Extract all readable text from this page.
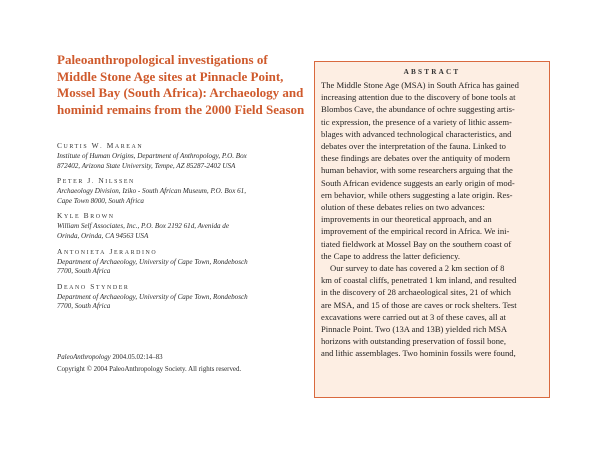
Paleoanthropological investigations of
Middle Stone Age sites at Pinnacle Point,
Mossel Bay (South Africa): Archaeology and
hominid remains from the 2000 Field Season
CURTIS W. MAREAN
Institute of Human Origins, Department of Anthropology, P.O. Box
872402, Arizona State University, Tempe, AZ 85287-2402 USA
PETER J. NILSSEN
Archaeology Division, Iziko - South African Museum, P.O. Box 61,
Cape Town 8000, South Africa
KYLE BROWN
William Self Associates, Inc., P.O. Box 2192 61d, Avenida de
Orinda, Orinda, CA 94563 USA
ANTONIETA JERARDINO
Department of Archaeology, University of Cape Town, Rondebosch
7700, South Africa
DEANO STYNDER
Department of Archaeology, University of Cape Town, Rondebosch
7700, South Africa
PaleoAnthropology 2004.05.02:14–83
Copyright © 2004 PaleoAnthropology Society. All rights reserved.
ABSTRACT
The Middle Stone Age (MSA) in South Africa has gained
increasing attention due to the discovery of bone tools at
Blombos Cave, the abundance of ochre suggesting artis-
tic expression, the presence of a variety of lithic assem-
blages with advanced technological characteristics, and
debates over the interpretation of the fauna. Linked to
these findings are debates over the antiquity of modern
human behavior, with some researchers arguing that the
South African evidence suggests an early origin of mod-
ern behavior, while others suggesting a late origin. Res-
olution of these debates relies on two advances:
improvements in our theoretical approach, and an
improvement of the empirical record in Africa. We ini-
tiated fieldwork at Mossel Bay on the southern coast of
the Cape to address the latter deficiency.
Our survey to date has covered a 2 km section of 8
km of coastal cliffs, penetrated 1 km inland, and resulted
in the discovery of 28 archaeological sites, 21 of which
are MSA, and 15 of those are caves or rock shelters. Test
excavations were carried out at 3 of these caves, all at
Pinnacle Point. Two (13A and 13B) yielded rich MSA
horizons with outstanding preservation of fossil bone,
and lithic assemblages. Two hominin fossils were found,
